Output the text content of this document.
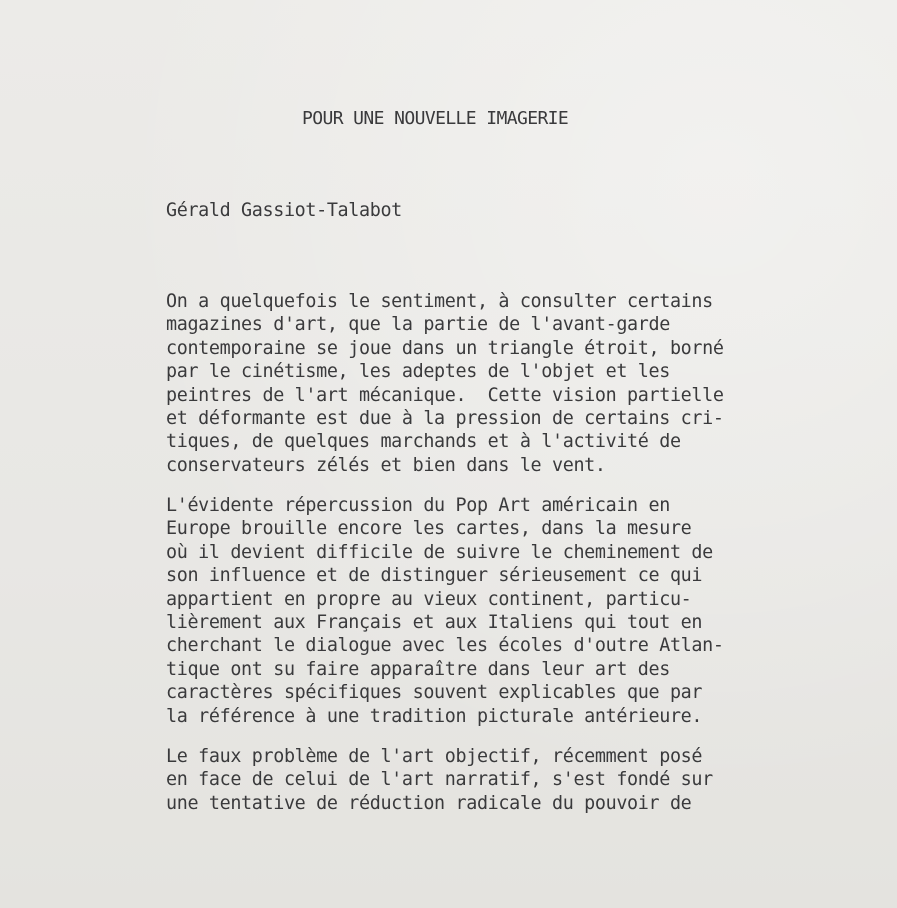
POUR UNE NOUVELLE IMAGERIE
Gérald Gassiot-Talabot
On a quelquefois le sentiment, à consulter certains
magazines d'art, que la partie de l'avant-garde
contemporaine se joue dans un triangle étroit, borné
par le cinétisme, les adeptes de l'objet et les
peintres de l'art mécanique.  Cette vision partielle
et déformante est due à la pression de certains cri-
tiques, de quelques marchands et à l'activité de
conservateurs zélés et bien dans le vent.
L'évidente répercussion du Pop Art américain en
Europe brouille encore les cartes, dans la mesure
où il devient difficile de suivre le cheminement de
son influence et de distinguer sérieusement ce qui
appartient en propre au vieux continent, particu-
lièrement aux Français et aux Italiens qui tout en
cherchant le dialogue avec les écoles d'outre Atlan-
tique ont su faire apparaître dans leur art des
caractères spécifiques souvent explicables que par
la référence à une tradition picturale antérieure.
Le faux problème de l'art objectif, récemment posé
en face de celui de l'art narratif, s'est fondé sur
une tentative de réduction radicale du pouvoir de
